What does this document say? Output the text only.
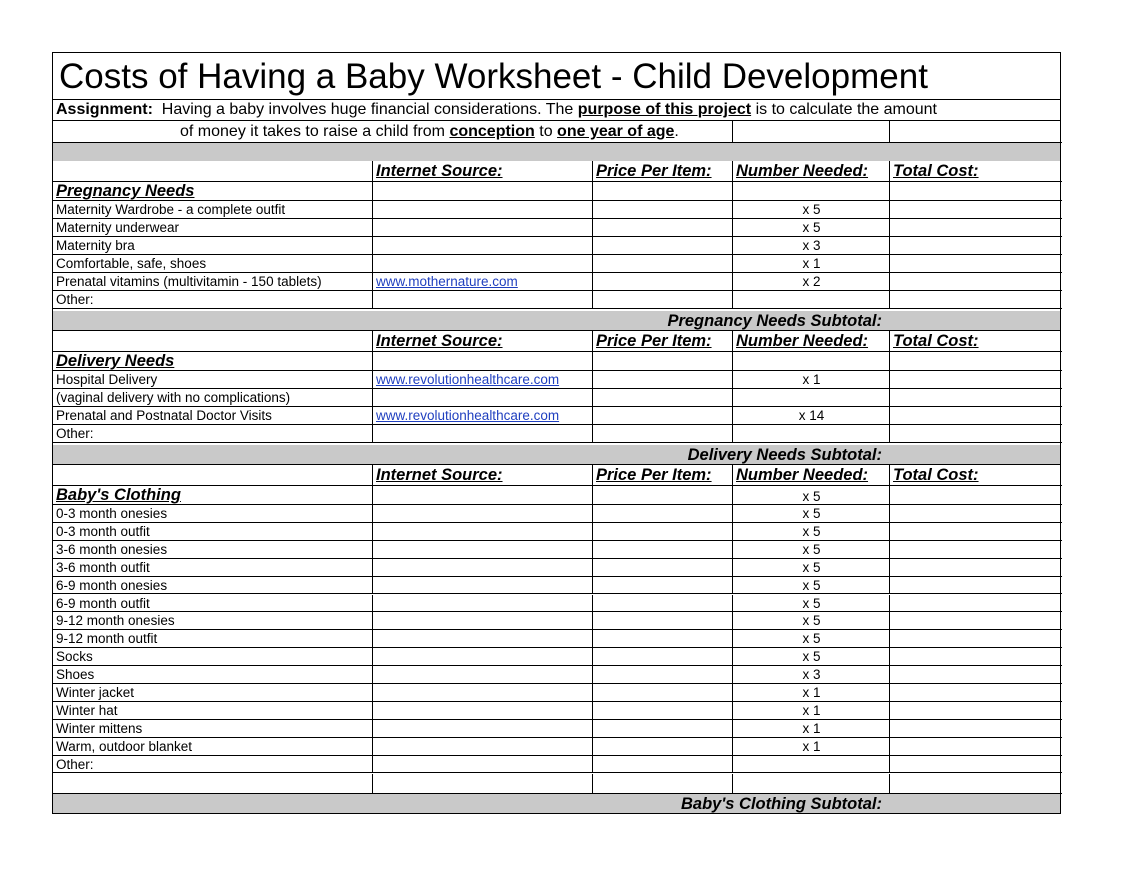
Costs of Having a Baby Worksheet - Child Development
Assignment: Having a baby involves huge financial considerations. The purpose of this project is to calculate the amount
of money it takes to raise a child from conception to one year of age.
Internet Source:	Price Per Item: Number Needed: Total Cost:
Pregnancy Needs
Maternity Wardrobe - a complete outfit	x 5
Maternity underwear	x 5
Maternity bra	x 3
Comfortable, safe, shoes	x 1
Prenatal vitamins (multivitamin - 150 tablets)	www.mothernature.com	x 2
Other:
Pregnancy Needs Subtotal:
Internet Source:	Price Per Item: Number Needed: Total Cost:
Delivery Needs
Hospital Delivery	www.revolutionhealthcare.com	x 1
(vaginal delivery with no complications)
Prenatal and Postnatal Doctor Visits	www.revolutionhealthcare.com	x 14
Other:
Delivery Needs Subtotal:
Internet Source:	Price Per Item: Number Needed: Total Cost:
Baby's Clothing	x 5
0-3 month onesies	x 5
0-3 month outfit	x 5
3-6 month onesies	x 5
3-6 month outfit	x 5
6-9 month onesies	x 5
6-9 month outfit	x 5
9-12 month onesies	x 5
9-12 month outfit	x 5
Socks	x 5
Shoes	x 3
Winter jacket	x 1
Winter hat	x 1
Winter mittens	x 1
Warm, outdoor blanket	x 1
Other:
Baby's Clothing Subtotal:
